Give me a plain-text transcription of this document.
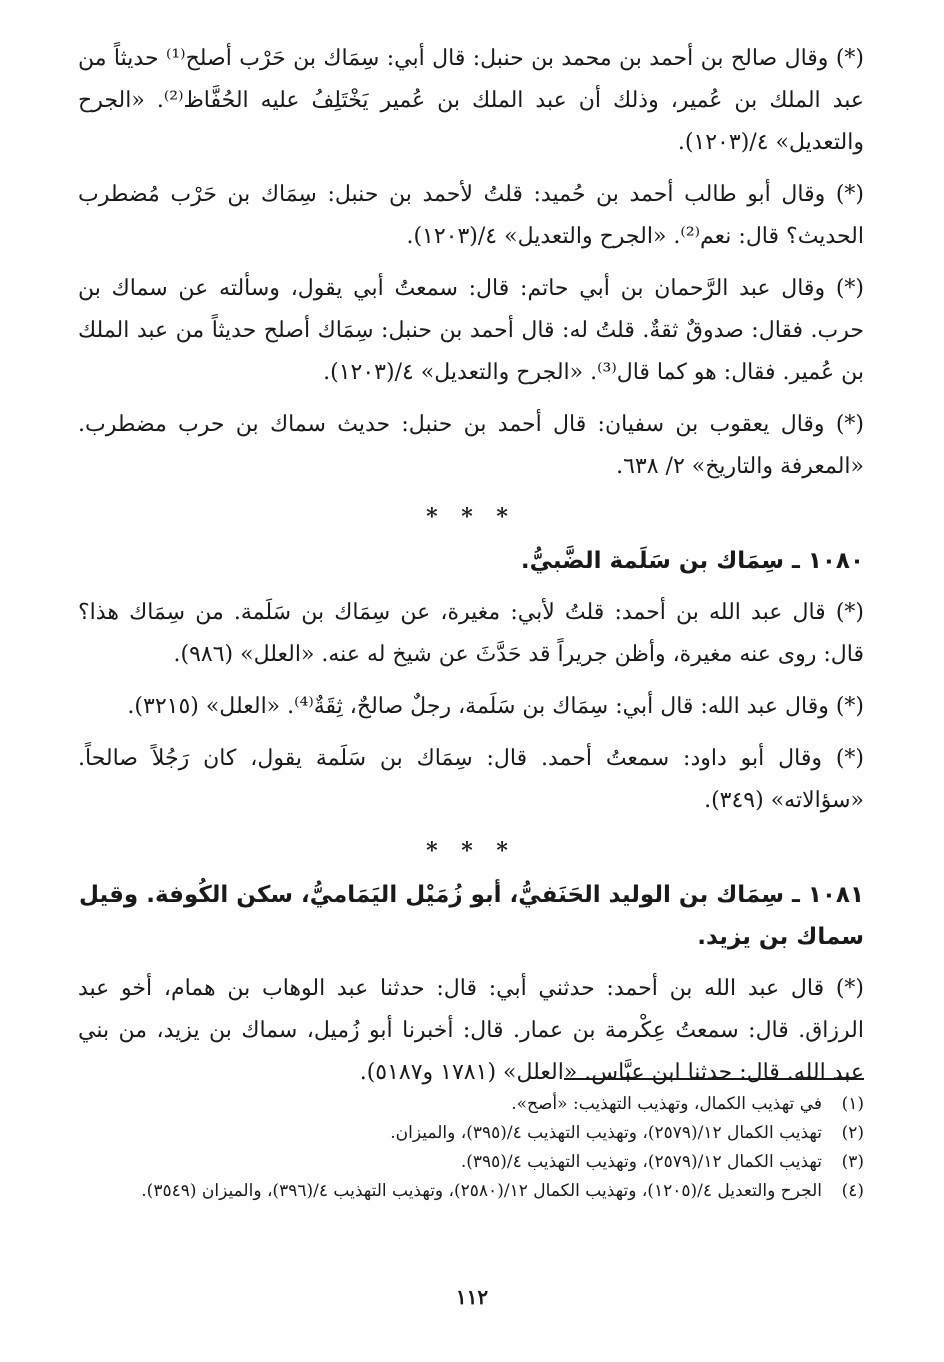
(*) وقال صالح بن أحمد بن محمد بن حنبل: قال أبي: سِمَاك بن حَرْب أصلح⁽¹⁾ حديثاً من عبد الملك بن عُمير، وذلك أن عبد الملك بن عُمير يَخْتَلِفُ عليه الحُفَّاظ⁽²⁾. «الجرح والتعديل» ٤/(١٢٠٣).

(*) وقال أبو طالب أحمد بن حُميد: قلتُ لأحمد بن حنبل: سِمَاك بن حَرْب مُضطرب الحديث؟ قال: نعم⁽²⁾. «الجرح والتعديل» ٤/(١٢٠٣).

(*) وقال عبد الرَّحمان بن أبي حاتم: قال: سمعتُ أبي يقول، وسألته عن سماك بن حرب. فقال: صدوقٌ ثقةٌ. قلتُ له: قال أحمد بن حنبل: سِمَاك أصلح حديثاً من عبد الملك بن عُمير. فقال: هو كما قال⁽³⁾. «الجرح والتعديل» ٤/(١٢٠٣).

(*) وقال يعقوب بن سفيان: قال أحمد بن حنبل: حديث سماك بن حرب مضطرب. «المعرفة والتاريخ» ٢/ ٦٣٨.

* * *
١٠٨٠ ـ سِمَاك بن سَلَمة الضَّبيُّ.

(*) قال عبد الله بن أحمد: قلتُ لأبي: مغيرة، عن سِمَاك بن سَلَمة. من سِمَاك هذا؟ قال: روى عنه مغيرة، وأظن جريراً قد حَدَّثَ عن شيخ له عنه. «العلل» (٩٨٦).

(*) وقال عبد الله: قال أبي: سِمَاك بن سَلَمة، رجلٌ صالحٌ، ثِقَةٌ⁽⁴⁾. «العلل» (٣٢١٥).

(*) وقال أبو داود: سمعتُ أحمد. قال: سِمَاك بن سَلَمة يقول، كان رَجُلاً صالحاً. «سؤالاته» (٣٤٩).

* * *
١٠٨١ ـ سِمَاك بن الوليد الحَنَفيُّ، أبو زُمَيْل اليَمَاميُّ، سكن الكُوفة. وقيل سماك بن يزيد.

(*) قال عبد الله بن أحمد: حدثني أبي: قال: حدثنا عبد الوهاب بن همام، أخو عبد الرزاق. قال: سمعتُ عِكْرمة بن عمار. قال: أخبرنا أبو زُميل، سماك بن يزيد، من بني عبد الله. قال: حدثنا ابن عبَّاس. «العلل» (١٧٨١ و٥١٨٧).

(١)
في تهذيب الكمال، وتهذيب التهذيب: «أصح».
(٢)
تهذيب الكمال ١٢/(٢٥٧٩)، وتهذيب التهذيب ٤/(٣٩٥)، والميزان.
(٣)
تهذيب الكمال ١٢/(٢٥٧٩)، وتهذيب التهذيب ٤/(٣٩٥).
(٤)
الجرح والتعديل ٤/(١٢٠٥)، وتهذيب الكمال ١٢/(٢٥٨٠)، وتهذيب التهذيب ٤/(٣٩٦)، والميزان (٣٥٤٩).
١١٢
